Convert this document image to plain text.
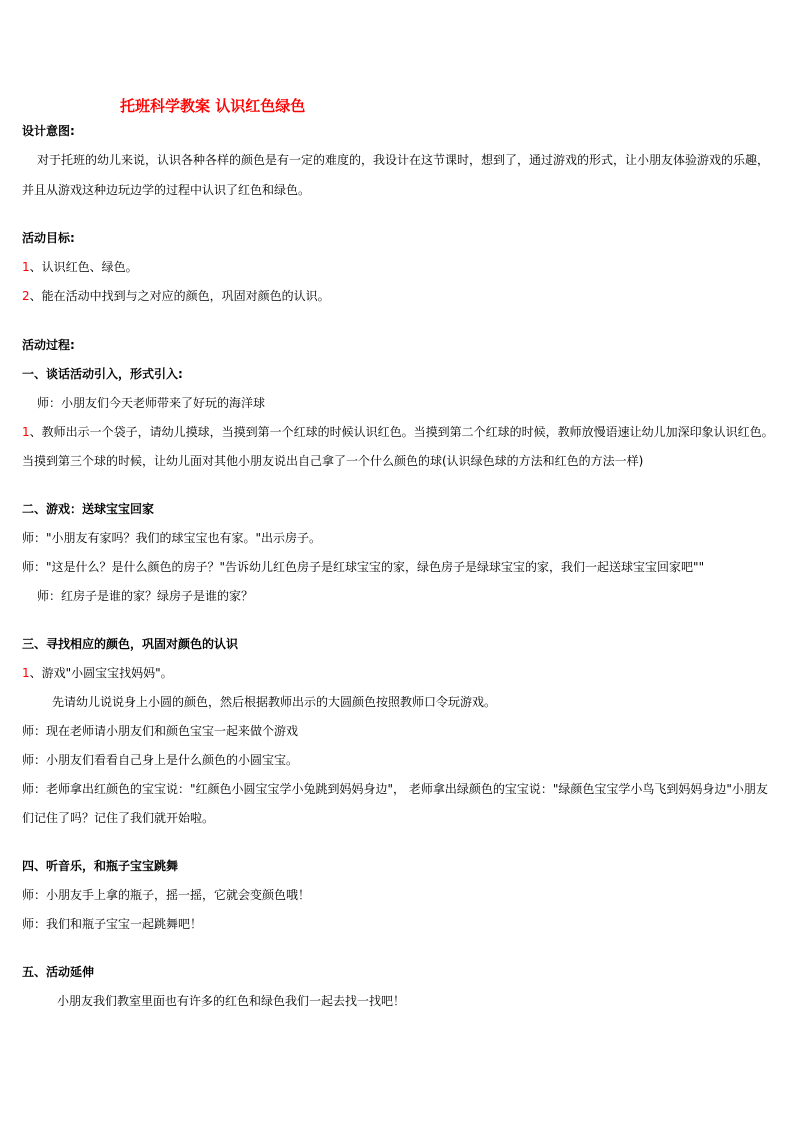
托班科学教案 认识红色绿色
设计意图:
对于托班的幼儿来说，认识各种各样的颜色是有一定的难度的，我设计在这节课时，想到了，通过游戏的形式，让小朋友体验游戏的乐趣，
并且从游戏这种边玩边学的过程中认识了红色和绿色。
活动目标:
1、认识红色、绿色。
2、能在活动中找到与之对应的颜色，巩固对颜色的认识。
活动过程:
一、谈话活动引入，形式引入:
师：小朋友们今天老师带来了好玩的海洋球
1、教师出示一个袋子，请幼儿摸球，当摸到第一个红球的时候认识红色。当摸到第二个红球的时候，教师放慢语速让幼儿加深印象认识红色。
当摸到第三个球的时候，让幼儿面对其他小朋友说出自己拿了一个什么颜色的球(认识绿色球的方法和红色的方法一样)
二、游戏：送球宝宝回家
师："小朋友有家吗？我们的球宝宝也有家。"出示房子。
师："这是什么？是什么颜色的房子？"告诉幼儿红色房子是红球宝宝的家，绿色房子是绿球宝宝的家，我们一起送球宝宝回家吧""
师：红房子是谁的家？绿房子是谁的家？
三、寻找相应的颜色，巩固对颜色的认识
1、游戏"小圆宝宝找妈妈"。
先请幼儿说说身上小圆的颜色，然后根据教师出示的大圆颜色按照教师口令玩游戏。
师：现在老师请小朋友们和颜色宝宝一起来做个游戏
师：小朋友们看看自己身上是什么颜色的小圆宝宝。
师：老师拿出红颜色的宝宝说："红颜色小圆宝宝学小兔跳到妈妈身边"， 老师拿出绿颜色的宝宝说："绿颜色宝宝学小鸟飞到妈妈身边"小朋友
们记住了吗？记住了我们就开始啦。
四、听音乐，和瓶子宝宝跳舞
师：小朋友手上拿的瓶子，摇一摇，它就会变颜色哦！
师：我们和瓶子宝宝一起跳舞吧！
五、活动延伸
小朋友我们教室里面也有许多的红色和绿色我们一起去找一找吧！
